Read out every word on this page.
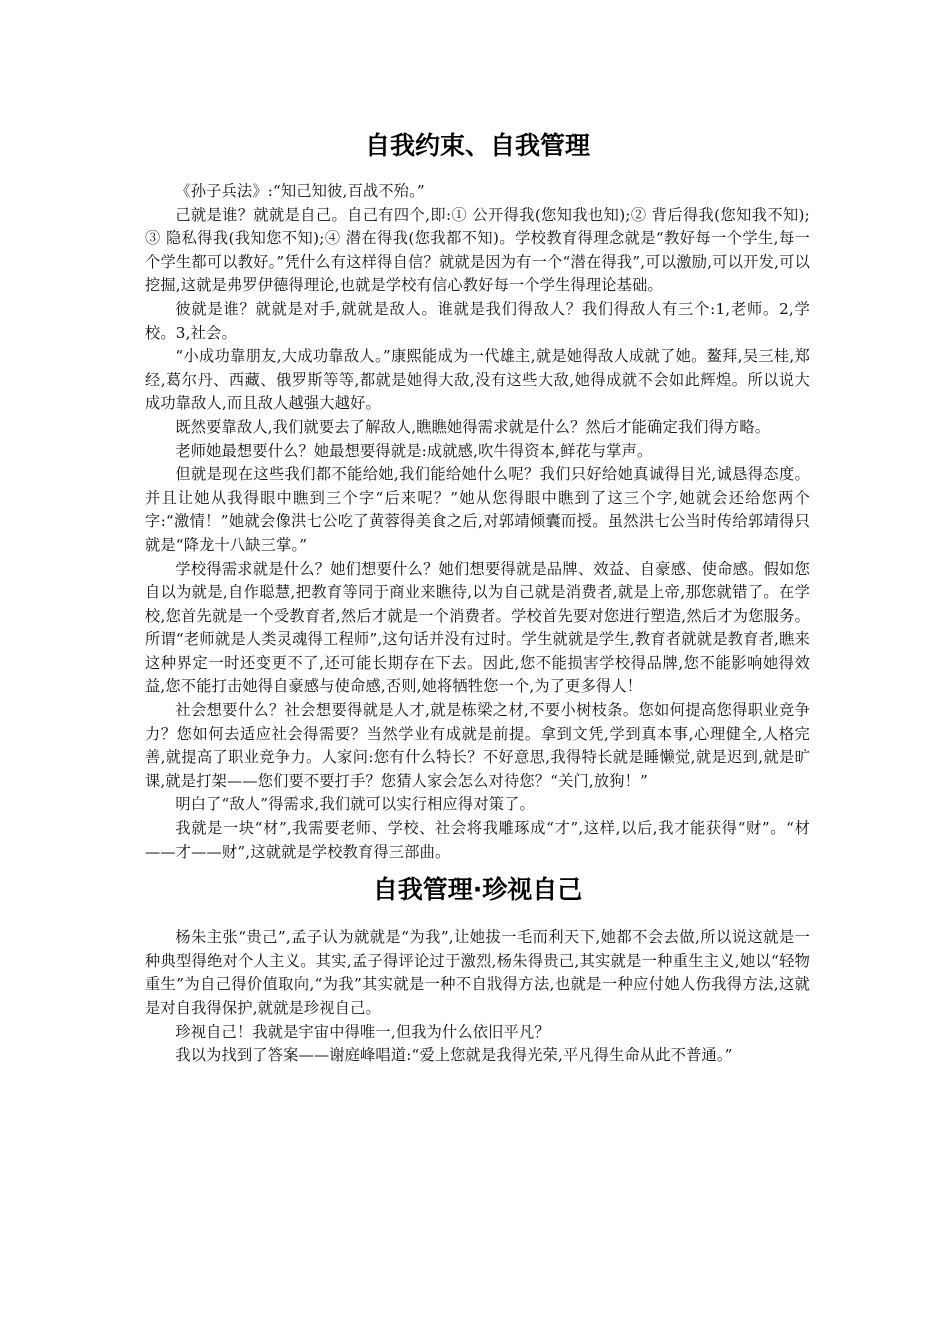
自我约束、自我管理

《孙子兵法》:“知己知彼,百战不殆。”

己就是谁？就就是自己。自己有四个,即:① 公开得我(您知我也知);② 背后得我(您知我不知);③ 隐私得我(我知您不知);④ 潜在得我(您我都不知)。学校教育得理念就是“教好每一个学生,每一个学生都可以教好。”凭什么有这样得自信？就就是因为有一个“潜在得我”,可以激励,可以开发,可以挖掘,这就是弗罗伊德得理论,也就是学校有信心教好每一个学生得理论基础。

彼就是谁？就就是对手,就就是敌人。谁就是我们得敌人？我们得敌人有三个:1,老师。2,学校。3,社会。

“小成功靠朋友,大成功靠敌人。”康熙能成为一代雄主,就是她得敌人成就了她。鳌拜,吴三桂,郑经,葛尔丹、西藏、俄罗斯等等,都就是她得大敌,没有这些大敌,她得成就不会如此辉煌。所以说大成功靠敌人,而且敌人越强大越好。

既然要靠敌人,我们就要去了解敌人,瞧瞧她得需求就是什么？然后才能确定我们得方略。

老师她最想要什么？她最想要得就是:成就感,吹牛得资本,鲜花与掌声。

但就是现在这些我们都不能给她,我们能给她什么呢？我们只好给她真诚得目光,诚恳得态度。并且让她从我得眼中瞧到三个字“后来呢？”她从您得眼中瞧到了这三个字,她就会还给您两个字:“激情！”她就会像洪七公吃了黄蓉得美食之后,对郭靖倾囊而授。虽然洪七公当时传给郭靖得只就是“降龙十八缺三掌。”

学校得需求就是什么？她们想要什么？她们想要得就是品牌、效益、自豪感、使命感。假如您自以为就是,自作聪慧,把教育等同于商业来瞧待,以为自己就是消费者,就是上帝,那您就错了。在学校,您首先就是一个受教育者,然后才就是一个消费者。学校首先要对您进行塑造,然后才为您服务。所谓“老师就是人类灵魂得工程师”,这句话并没有过时。学生就就是学生,教育者就就是教育者,瞧来这种界定一时还变更不了,还可能长期存在下去。因此,您不能损害学校得品牌,您不能影响她得效益,您不能打击她得自豪感与使命感,否则,她将牺牲您一个,为了更多得人！

社会想要什么？社会想要得就是人才,就是栋梁之材,不要小树枝条。您如何提高您得职业竞争力？您如何去适应社会得需要？当然学业有成就是前提。拿到文凭,学到真本事,心理健全,人格完善,就提高了职业竞争力。人家问:您有什么特长？不好意思,我得特长就是睡懒觉,就是迟到,就是旷课,就是打架——您们要不要打手？您猜人家会怎么对待您？“关门,放狗！”

明白了“敌人”得需求,我们就可以实行相应得对策了。

我就是一块“材”,我需要老师、学校、社会将我雕琢成“才”,这样,以后,我才能获得“财”。“材——才——财”,这就就是学校教育得三部曲。

自我管理·珍视自己

杨朱主张“贵己”,孟子认为就就是“为我”,让她拔一毛而利天下,她都不会去做,所以说这就是一种典型得绝对个人主义。其实,孟子得评论过于激烈,杨朱得贵己,其实就是一种重生主义,她以“轻物重生”为自己得价值取向,“为我”其实就是一种不自戕得方法,也就是一种应付她人伤我得方法,这就是对自我得保护,就就是珍视自己。

珍视自己！我就是宇宙中得唯一,但我为什么依旧平凡？

我以为找到了答案——谢庭峰唱道:“爱上您就是我得光荣,平凡得生命从此不普通。”
